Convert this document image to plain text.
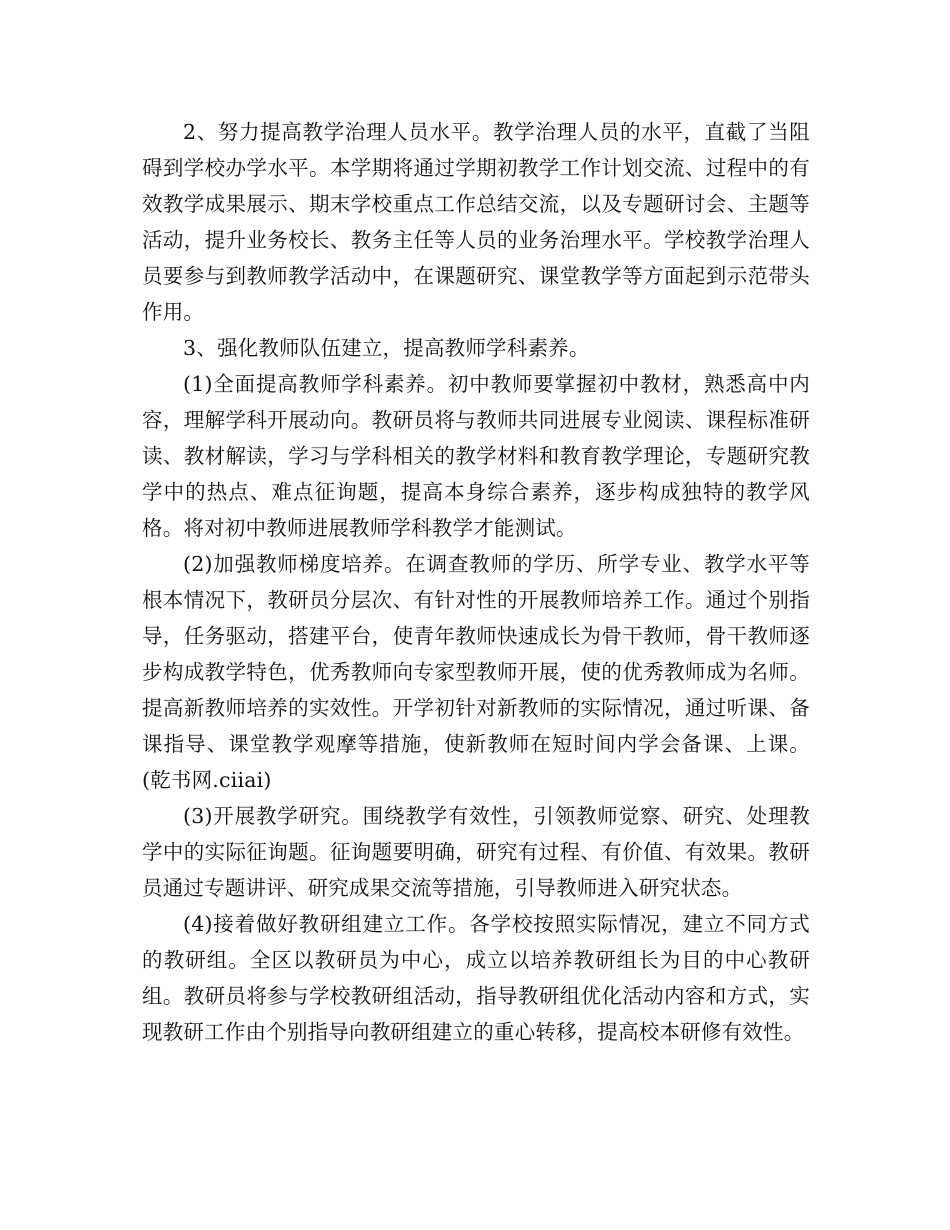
2、努力提高教学治理人员水平。教学治理人员的水平，直截了当阻碍到学校办学水平。本学期将通过学期初教学工作计划交流、过程中的有效教学成果展示、期末学校重点工作总结交流，以及专题研讨会、主题等活动，提升业务校长、教务主任等人员的业务治理水平。学校教学治理人员要参与到教师教学活动中，在课题研究、课堂教学等方面起到示范带头作用。

3、强化教师队伍建立，提高教师学科素养。

(1)全面提高教师学科素养。初中教师要掌握初中教材，熟悉高中内容，理解学科开展动向。教研员将与教师共同进展专业阅读、课程标准研读、教材解读，学习与学科相关的教学材料和教育教学理论，专题研究教学中的热点、难点征询题，提高本身综合素养，逐步构成独特的教学风格。将对初中教师进展教师学科教学才能测试。

(2)加强教师梯度培养。在调查教师的学历、所学专业、教学水平等根本情况下，教研员分层次、有针对性的开展教师培养工作。通过个别指导，任务驱动，搭建平台，使青年教师快速成长为骨干教师，骨干教师逐步构成教学特色，优秀教师向专家型教师开展，使的优秀教师成为名师。提高新教师培养的实效性。开学初针对新教师的实际情况，通过听课、备课指导、课堂教学观摩等措施，使新教师在短时间内学会备课、上课。(乾书网.ciiai)

(3)开展教学研究。围绕教学有效性，引领教师觉察、研究、处理教学中的实际征询题。征询题要明确，研究有过程、有价值、有效果。教研员通过专题讲评、研究成果交流等措施，引导教师进入研究状态。

(4)接着做好教研组建立工作。各学校按照实际情况，建立不同方式的教研组。全区以教研员为中心，成立以培养教研组长为目的中心教研组。教研员将参与学校教研组活动，指导教研组优化活动内容和方式，实现教研工作由个别指导向教研组建立的重心转移，提高校本研修有效性。
